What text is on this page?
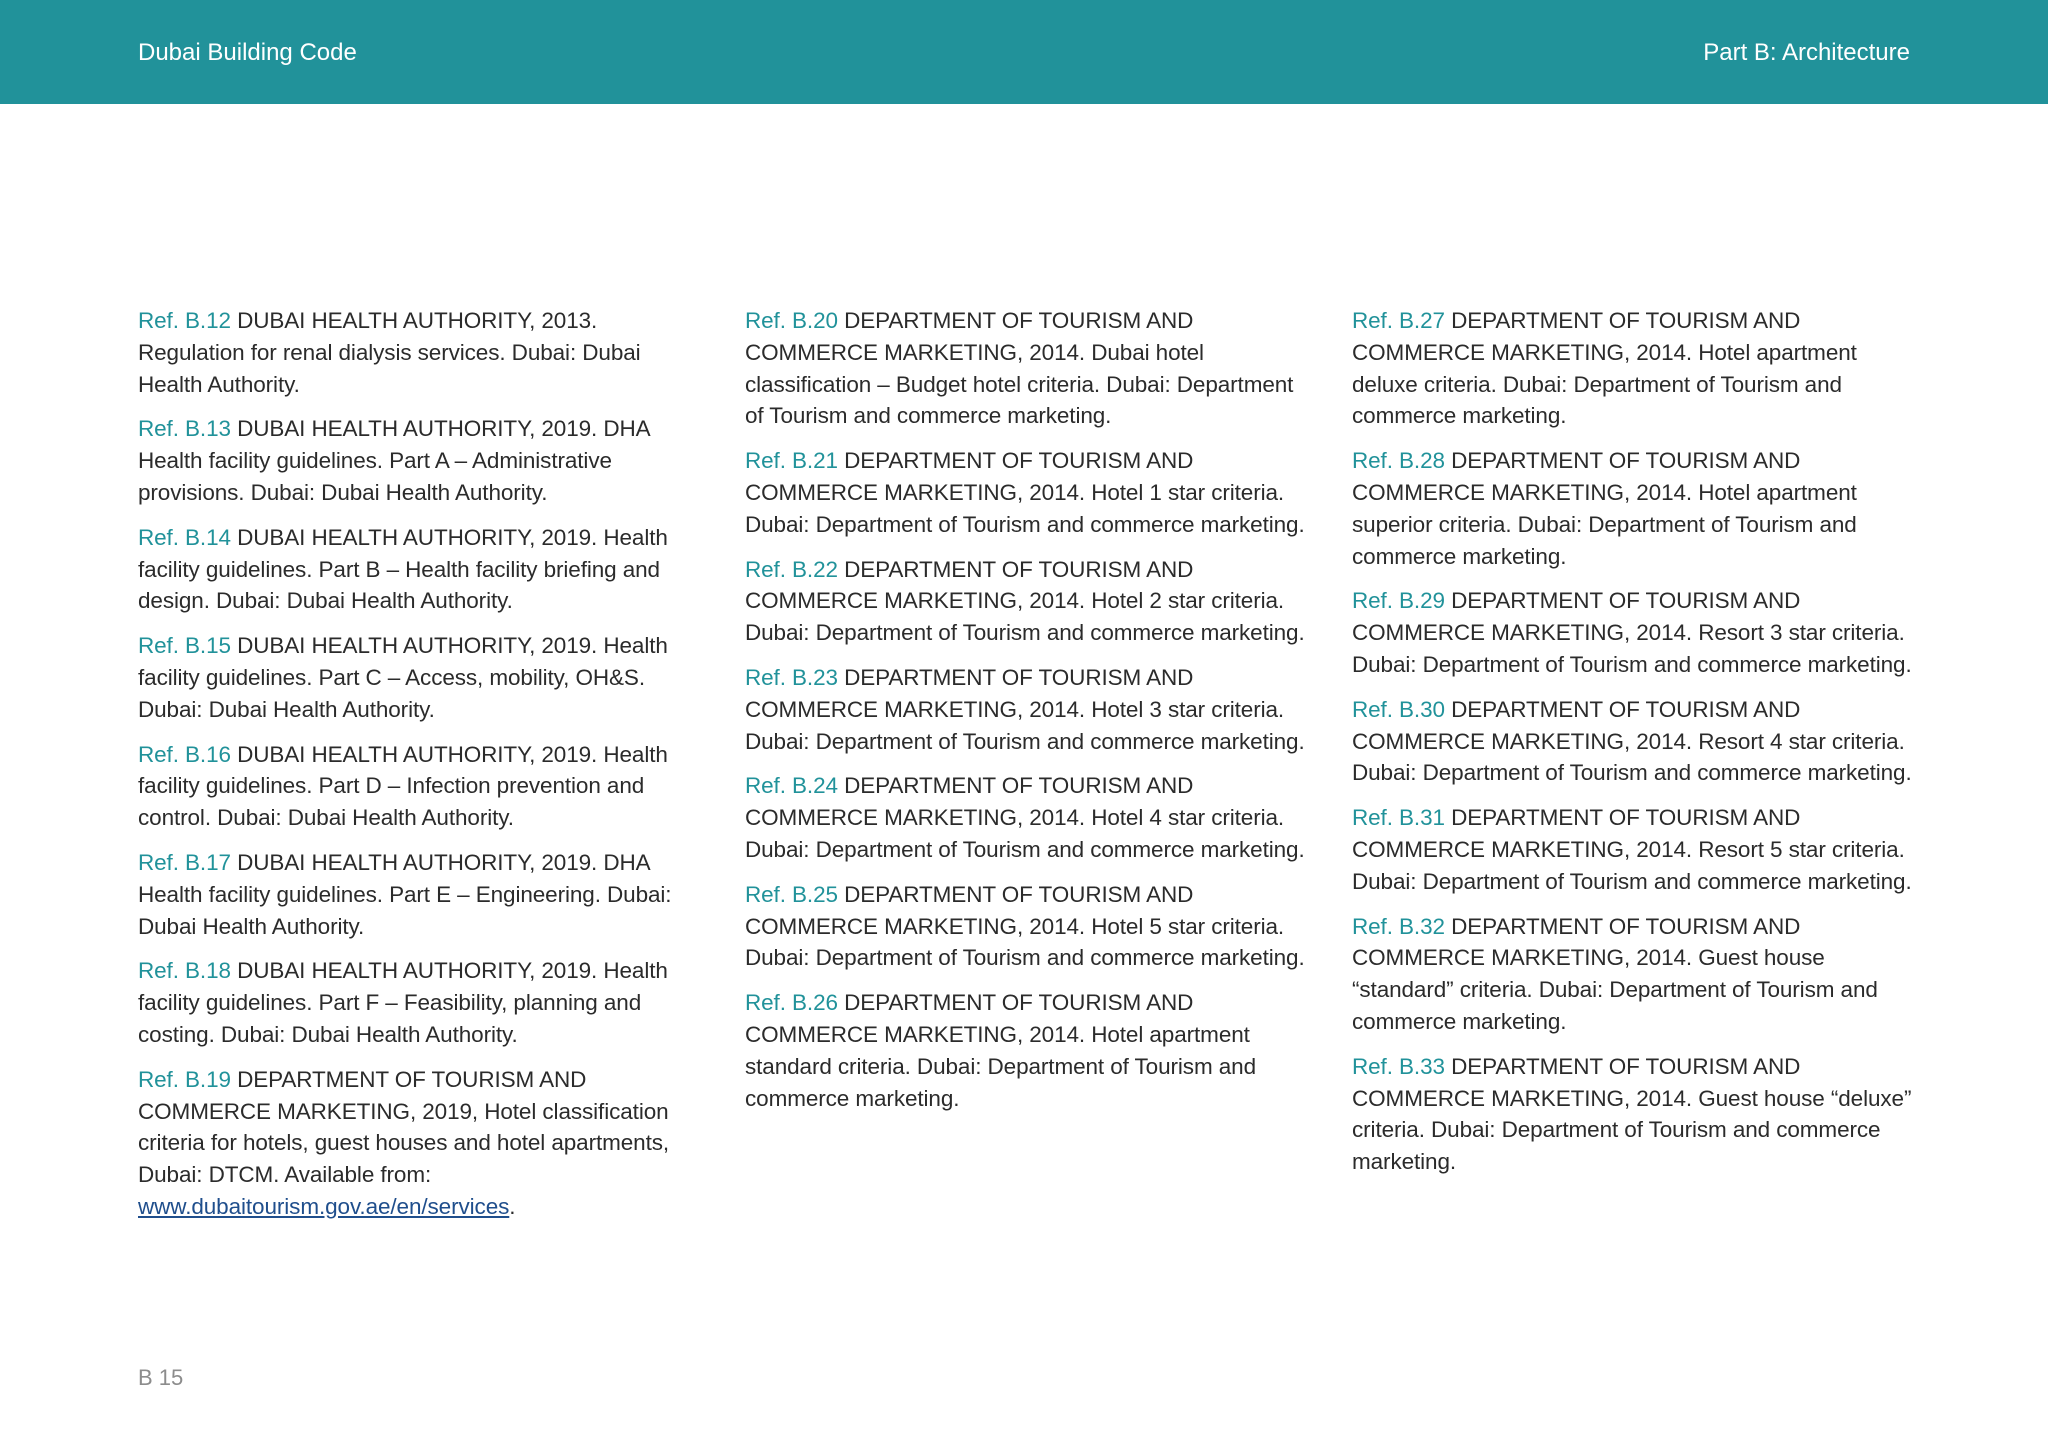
Dubai Building Code	Part B: Architecture

Ref. B.12 DUBAI HEALTH AUTHORITY, 2013. Regulation for renal dialysis services. Dubai: Dubai Health Authority.

Ref. B.13 DUBAI HEALTH AUTHORITY, 2019. DHA Health facility guidelines. Part A – Administrative provisions. Dubai: Dubai Health Authority.

Ref. B.14 DUBAI HEALTH AUTHORITY, 2019. Health facility guidelines. Part B – Health facility briefing and design. Dubai: Dubai Health Authority.

Ref. B.15 DUBAI HEALTH AUTHORITY, 2019. Health facility guidelines. Part C – Access, mobility, OH&S. Dubai: Dubai Health Authority.

Ref. B.16 DUBAI HEALTH AUTHORITY, 2019. Health facility guidelines. Part D – Infection prevention and control. Dubai: Dubai Health Authority.

Ref. B.17 DUBAI HEALTH AUTHORITY, 2019. DHA Health facility guidelines. Part E – Engineering. Dubai: Dubai Health Authority.

Ref. B.18 DUBAI HEALTH AUTHORITY, 2019. Health facility guidelines. Part F – Feasibility, planning and costing. Dubai: Dubai Health Authority.

Ref. B.19 DEPARTMENT OF TOURISM AND COMMERCE MARKETING, 2019, Hotel classification criteria for hotels, guest houses and hotel apartments, Dubai: DTCM. Available from: www.dubaitourism.gov.ae/en/services.

Ref. B.20 DEPARTMENT OF TOURISM AND COMMERCE MARKETING, 2014. Dubai hotel classification – Budget hotel criteria. Dubai: Department of Tourism and commerce marketing.

Ref. B.21 DEPARTMENT OF TOURISM AND COMMERCE MARKETING, 2014. Hotel 1 star criteria. Dubai: Department of Tourism and commerce marketing.

Ref. B.22 DEPARTMENT OF TOURISM AND COMMERCE MARKETING, 2014. Hotel 2 star criteria. Dubai: Department of Tourism and commerce marketing.

Ref. B.23 DEPARTMENT OF TOURISM AND COMMERCE MARKETING, 2014. Hotel 3 star criteria. Dubai: Department of Tourism and commerce marketing.

Ref. B.24 DEPARTMENT OF TOURISM AND COMMERCE MARKETING, 2014. Hotel 4 star criteria. Dubai: Department of Tourism and commerce marketing.

Ref. B.25 DEPARTMENT OF TOURISM AND COMMERCE MARKETING, 2014. Hotel 5 star criteria. Dubai: Department of Tourism and commerce marketing.

Ref. B.26 DEPARTMENT OF TOURISM AND COMMERCE MARKETING, 2014. Hotel apartment standard criteria. Dubai: Department of Tourism and commerce marketing.

Ref. B.27 DEPARTMENT OF TOURISM AND COMMERCE MARKETING, 2014. Hotel apartment deluxe criteria. Dubai: Department of Tourism and commerce marketing.

Ref. B.28 DEPARTMENT OF TOURISM AND COMMERCE MARKETING, 2014. Hotel apartment superior criteria. Dubai: Department of Tourism and commerce marketing.

Ref. B.29 DEPARTMENT OF TOURISM AND COMMERCE MARKETING, 2014. Resort 3 star criteria. Dubai: Department of Tourism and commerce marketing.

Ref. B.30 DEPARTMENT OF TOURISM AND COMMERCE MARKETING, 2014. Resort 4 star criteria. Dubai: Department of Tourism and commerce marketing.

Ref. B.31 DEPARTMENT OF TOURISM AND COMMERCE MARKETING, 2014. Resort 5 star criteria. Dubai: Department of Tourism and commerce marketing.

Ref. B.32 DEPARTMENT OF TOURISM AND COMMERCE MARKETING, 2014. Guest house “standard” criteria. Dubai: Department of Tourism and commerce marketing.

Ref. B.33 DEPARTMENT OF TOURISM AND COMMERCE MARKETING, 2014. Guest house “deluxe” criteria. Dubai: Department of Tourism and commerce marketing.

B 15
